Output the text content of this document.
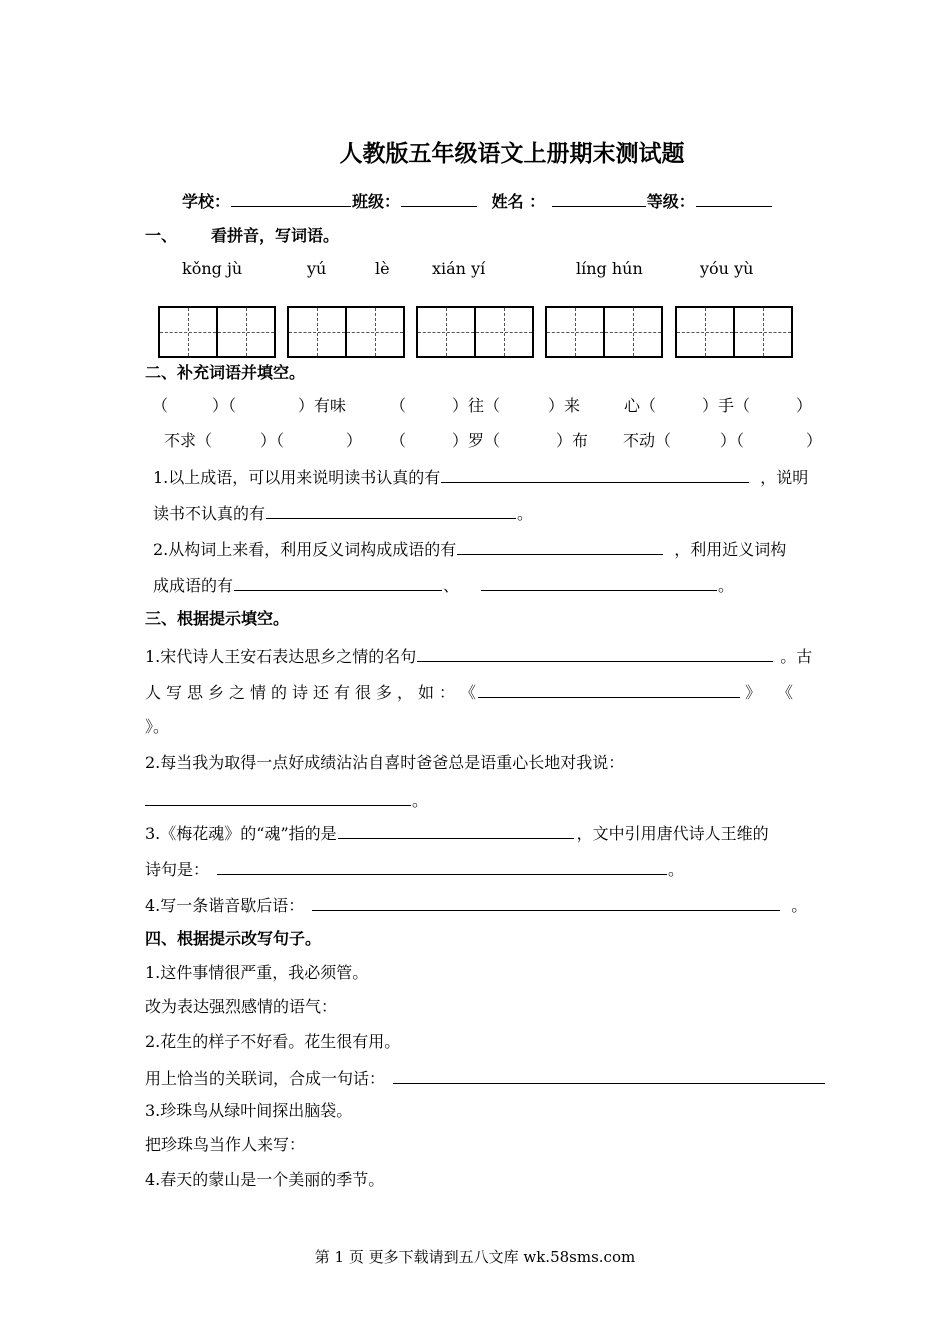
人教版五年级语文上册期末测试题
学校：	班级：	姓名 ：	等级：
一、 看拼音，写词语。
kǒng jù	yú	lè	xián yí	líng hún	yóu yù
二、补充词语并填空。
（	）（	）有味	（	）往（	）来	心（	）手（	）
不求（	）（	） （	）罗（	）布 不动（	）（	）
1.以上成语，可以用来说明读书认真的有	，说明
读书不认真的有	。
2.从构词上来看，利用反义词构成成语的有	，利用近义词构
成成语的有	、	。
三、根据提示填空。
1.宋代诗人王安石表达思乡之情的名句	。古
人 写 思 乡 之 情 的 诗 还 有 很 多 ， 如 ： 《	》 《
》。
2.每当我为取得一点好成绩沾沾自喜时爸爸总是语重心长地对我说：
。
3.《梅花魂》的“魂”指的是	，文中引用唐代诗人王维的
诗句是：	。
4.写一条谐音歇后语：	。
四、根据提示改写句子。
1.这件事情很严重，我必须管。
改为表达强烈感情的语气：
2.花生的样子不好看。花生很有用。
用上恰当的关联词，合成一句话：
3.珍珠鸟从绿叶间探出脑袋。
把珍珠鸟当作人来写：
4.春天的蒙山是一个美丽的季节。
第 1 页 更多下载请到五八文库 wk.58sms.com
